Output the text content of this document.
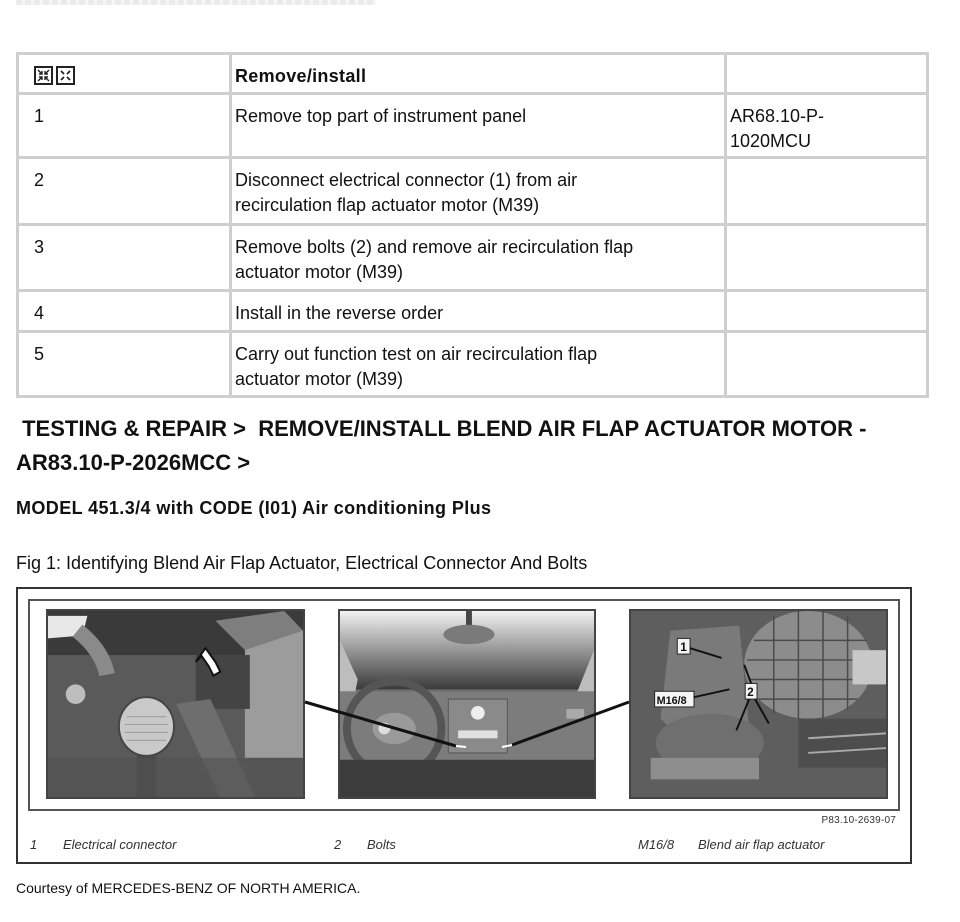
	Remove/install	
1	Remove top part of instrument panel	AR68.10-P-
1020MCU

2	Disconnect electrical connector (1) from air
recirculation flap actuator motor (M39)	

3	Remove bolts (2) and remove air recirculation flap
actuator motor (M39)	

4	Install in the reverse order	
5	Carry out function test on air recirculation flap
actuator motor (M39)	

TESTING & REPAIR >  REMOVE/INSTALL BLEND AIR FLAP ACTUATOR MOTOR -
AR83.10-P-2026MCC >
MODEL 451.3/4 with CODE (I01) Air conditioning Plus
Fig 1: Identifying Blend Air Flap Actuator, Electrical Connector And Bolts
1
2
M16/8
P83.10-2639-07
1 Electrical connector	2 Bolts	M16/8 Blend air flap actuator
Courtesy of MERCEDES-BENZ OF NORTH AMERICA.
